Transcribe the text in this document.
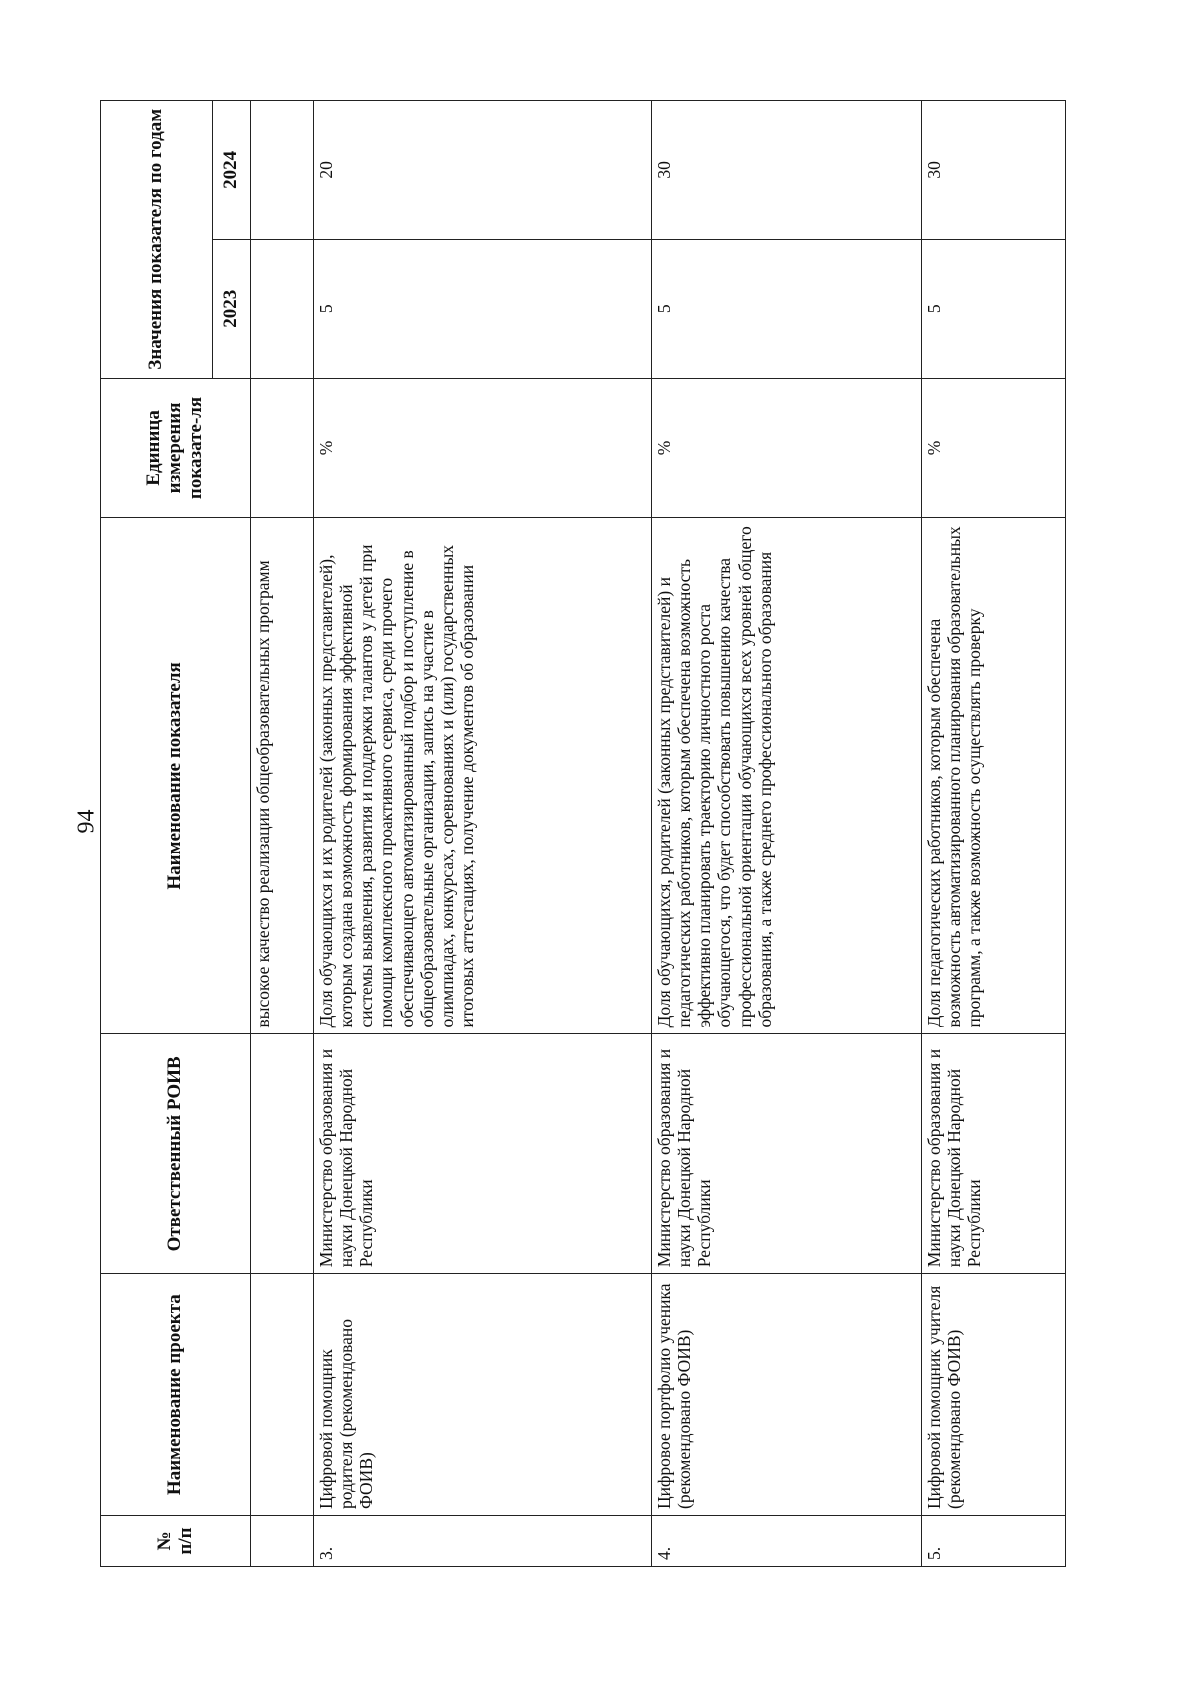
94
№ п/п	Наименование проекта	Ответственный РОИВ	Наименование показателя	Единица измерения показате-ля	Значения показателя по годам	
					2023	2024
			высокое качество реализации общеобразовательных программ			
3.	Цифровой помощник родителя (рекомендовано ФОИВ)	Министерство образования и науки Донецкой Народной Республики	Доля обучающихся и их родителей (законных представителей), которым создана возможность формирования эффективной системы выявления, развития и поддержки талантов у детей при помощи комплексного проактивного сервиса, среди прочего обеспечивающего автоматизированный подбор и поступление в общеобразовательные организации, запись на участие в олимпиадах, конкурсах, соревнованиях и (или) государственных итоговых аттестациях, получение документов об образовании	%	5	20
4.	Цифровое портфолио ученика (рекомендовано ФОИВ)	Министерство образования и науки Донецкой Народной Республики	Доля обучающихся, родителей (законных представителей) и педагогических работников, которым обеспечена возможность эффективно планировать траекторию личностного роста обучающегося, что будет способствовать повышению качества профессиональной ориентации обучающихся всех уровней общего образования, а также среднего профессионального образования	%	5	30
5.	Цифровой помощник учителя (рекомендовано ФОИВ)	Министерство образования и науки Донецкой Народной Республики	Доля педагогических работников, которым обеспечена возможность автоматизированного планирования образовательных программ, а также возможность осуществлять проверку	%	5	30
